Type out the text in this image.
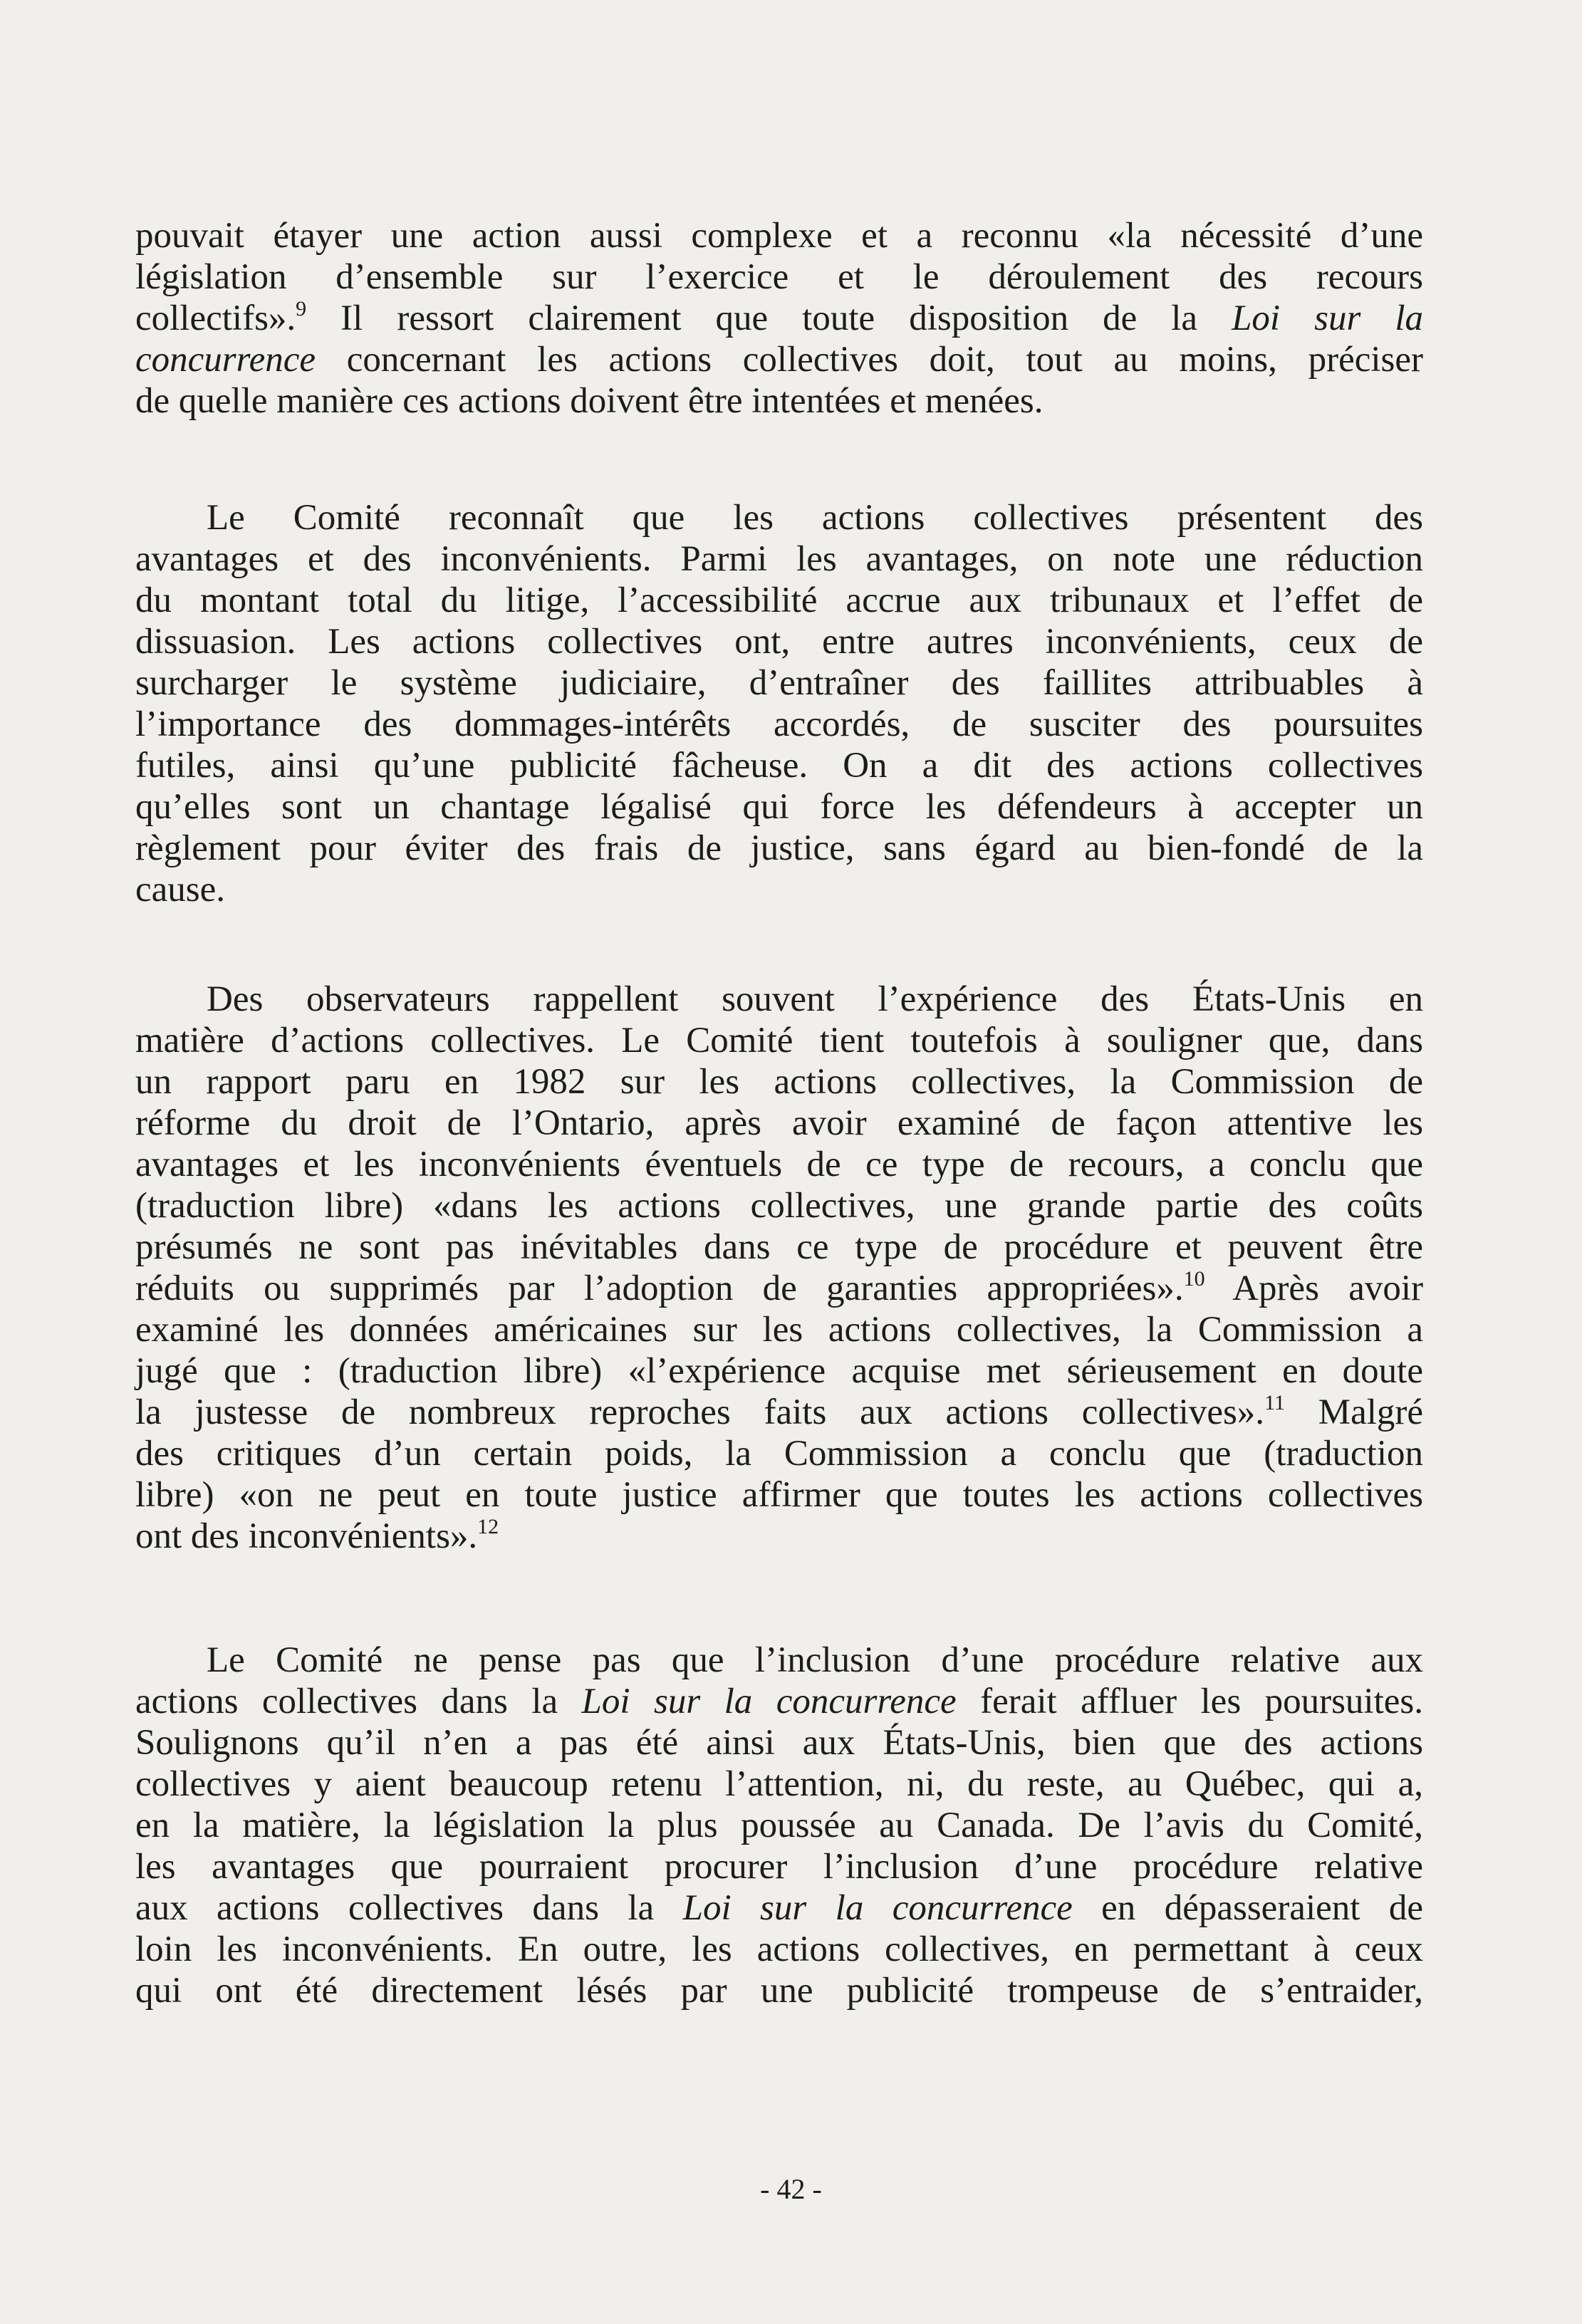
pouvait étayer une action aussi complexe et a reconnu «la nécessité d’une
législation d’ensemble sur l’exercice et le déroulement des recours
collectifs».$^9$ Il ressort clairement que toute disposition de la Loi sur la
concurrence concernant les actions collectives doit, tout au moins, préciser
de quelle manière ces actions doivent être intentées et menées.
Le Comité reconnaît que les actions collectives présentent des
avantages et des inconvénients. Parmi les avantages, on note une réduction
du montant total du litige, l’accessibilité accrue aux tribunaux et l’effet de
dissuasion. Les actions collectives ont, entre autres inconvénients, ceux de
surcharger le système judiciaire, d’entraîner des faillites attribuables à
l’importance des dommages-intérêts accordés, de susciter des poursuites
futiles, ainsi qu’une publicité fâcheuse. On a dit des actions collectives
qu’elles sont un chantage légalisé qui force les défendeurs à accepter un
règlement pour éviter des frais de justice, sans égard au bien-fondé de la
cause.
Des observateurs rappellent souvent l’expérience des États-Unis en
matière d’actions collectives. Le Comité tient toutefois à souligner que, dans
un rapport paru en 1982 sur les actions collectives, la Commission de
réforme du droit de l’Ontario, après avoir examiné de façon attentive les
avantages et les inconvénients éventuels de ce type de recours, a conclu que
(traduction libre) «dans les actions collectives, une grande partie des coûts
présumés ne sont pas inévitables dans ce type de procédure et peuvent être
réduits ou supprimés par l’adoption de garanties appropriées».$^{10}$ Après avoir
examiné les données américaines sur les actions collectives, la Commission a
jugé que : (traduction libre) «l’expérience acquise met sérieusement en doute
la justesse de nombreux reproches faits aux actions collectives».$^{11}$ Malgré
des critiques d’un certain poids, la Commission a conclu que (traduction
libre) «on ne peut en toute justice affirmer que toutes les actions collectives
ont des inconvénients».$^{12}$
Le Comité ne pense pas que l’inclusion d’une procédure relative aux
actions collectives dans la Loi sur la concurrence ferait affluer les poursuites.
Soulignons qu’il n’en a pas été ainsi aux États-Unis, bien que des actions
collectives y aient beaucoup retenu l’attention, ni, du reste, au Québec, qui a,
en la matière, la législation la plus poussée au Canada. De l’avis du Comité,
les avantages que pourraient procurer l’inclusion d’une procédure relative
aux actions collectives dans la Loi sur la concurrence en dépasseraient de
loin les inconvénients. En outre, les actions collectives, en permettant à ceux
qui ont été directement lésés par une publicité trompeuse de s’entraider,
- 42 -
